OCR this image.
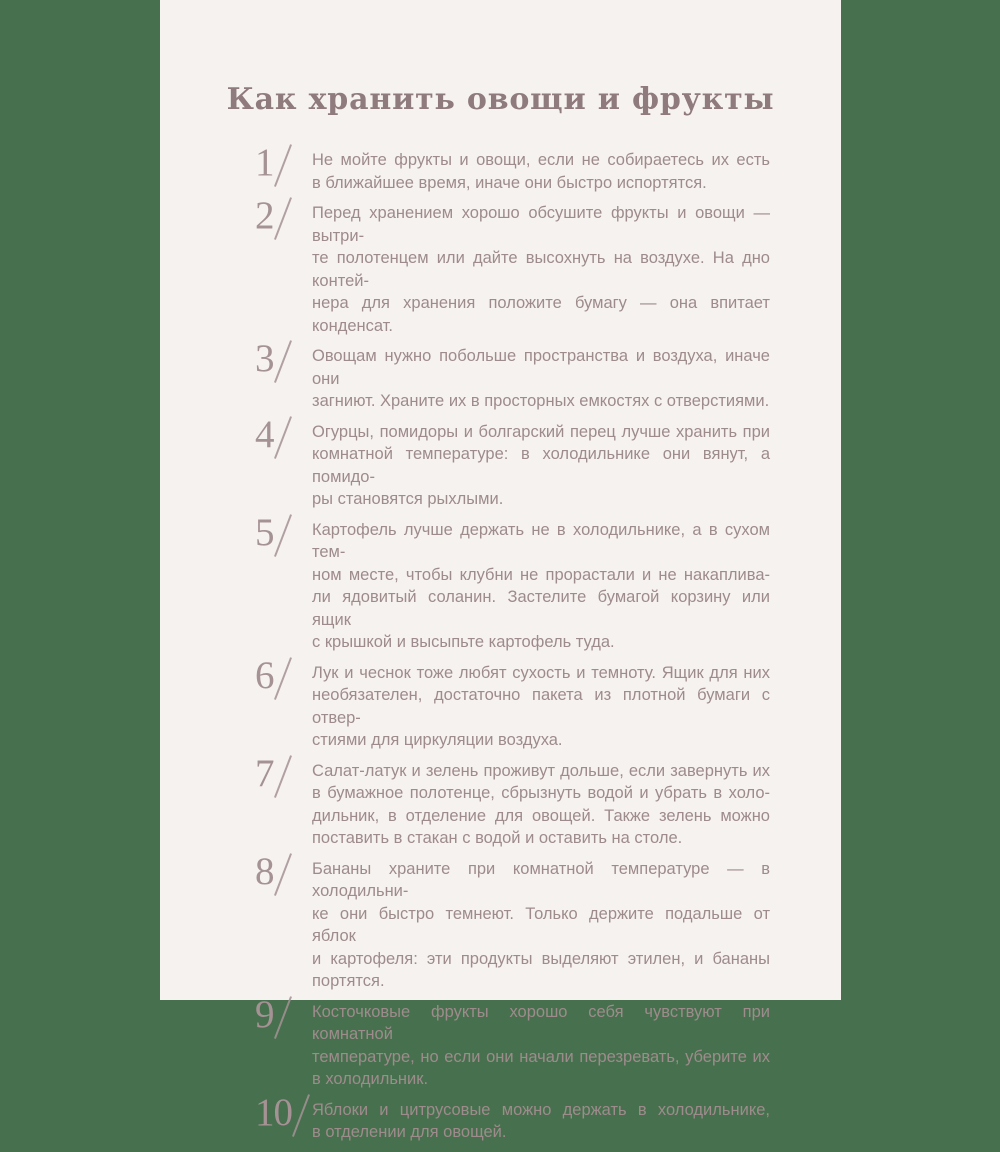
Как хранить овощи и фрукты
1 Не мойте фрукты и овощи, если не собираетесь их есть
в ближайшее время, иначе они быстро испортятся.
2 Перед хранением хорошо обсушите фрукты и овощи — вытри-
те полотенцем или дайте высохнуть на воздухе. На дно контей-
нера для хранения положите бумагу — она впитает конденсат.
3 Овощам нужно побольше пространства и воздуха, иначе они
загниют. Храните их в просторных емкостях с отверстиями.
4 Огурцы, помидоры и болгарский перец лучше хранить при
комнатной температуре: в холодильнике они вянут, а помидо-
ры становятся рыхлыми.
5 Картофель лучше держать не в холодильнике, а в сухом тем-
ном месте, чтобы клубни не прорастали и не накаплива-
ли ядовитый соланин. Застелите бумагой корзину или ящик
с крышкой и высыпьте картофель туда.
6 Лук и чеснок тоже любят сухость и темноту. Ящик для них
необязателен, достаточно пакета из плотной бумаги с отвер-
стиями для циркуляции воздуха.
7 Салат-латук и зелень проживут дольше, если завернуть их
в бумажное полотенце, сбрызнуть водой и убрать в холо-
дильник, в отделение для овощей. Также зелень можно
поставить в стакан с водой и оставить на столе.
8 Бананы храните при комнатной температуре — в холодильни-
ке они быстро темнеют. Только держите подальше от яблок
и картофеля: эти продукты выделяют этилен, и бананы
портятся.
9 Косточковые фрукты хорошо себя чувствуют при комнатной
температуре, но если они начали перезревать, уберите их
в холодильник.
10 Яблоки и цитрусовые можно держать в холодильнике,
в отделении для овощей.
